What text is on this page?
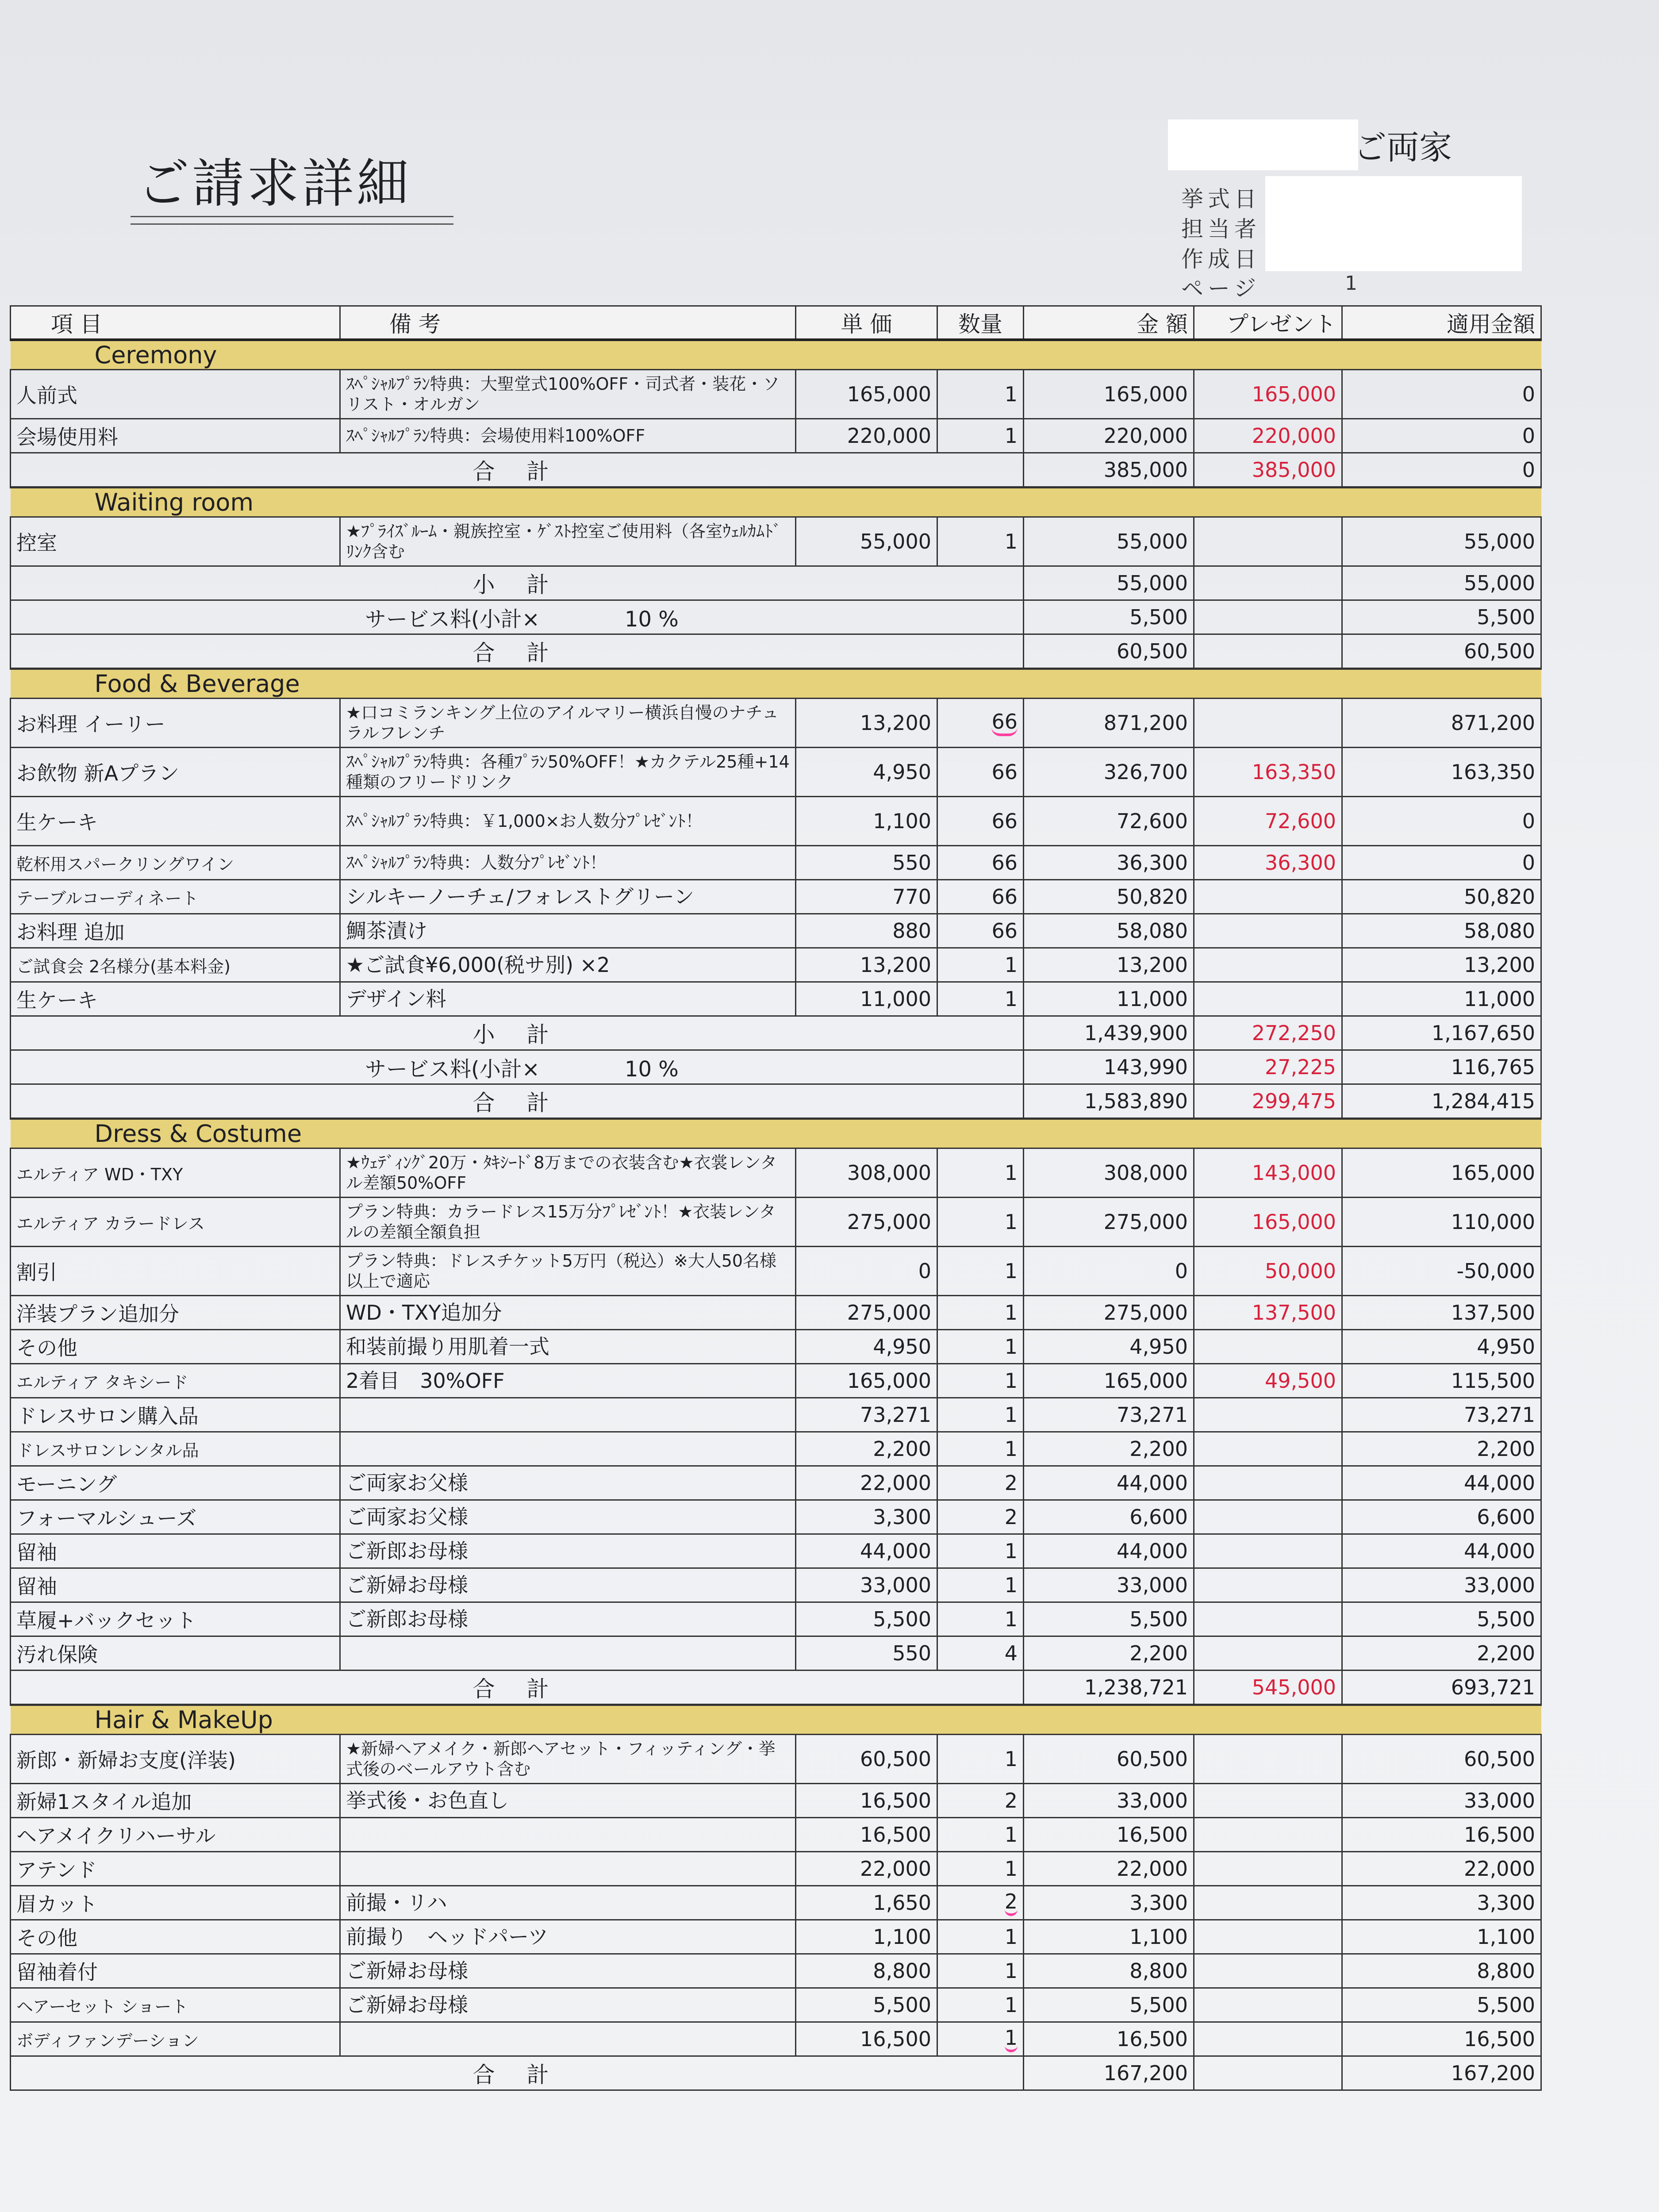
ご請求詳細
ご両家
挙式日
担当者
作成日
ページ	1
項 目	備 考	単 価	数量	金 額	プレゼント	適用金額
Ceremony						
人前式	ｽﾍﾟｼｬﾙﾌﾟﾗﾝ特典：大聖堂式100%OFF・司式者・装花・ソリスト・オルガン	165,000	1	165,000	165,000	0
会場使用料	ｽﾍﾟｼｬﾙﾌﾟﾗﾝ特典：会場使用料100%OFF	220,000	1	220,000	220,000	0
合 計				385,000	385,000	0
Waiting room						
控室	★ﾌﾟﾗｲｽﾞﾙｰﾑ・親族控室・ｹﾞｽﾄ控室ご使用料（各室ｳｪﾙｶﾑﾄﾞﾘﾝｸ含む	55,000	1	55,000		55,000
小 計				55,000		55,000
サービス料(小計×　　　　10 %				5,500		5,500
合 計				60,500		60,500
Food & Beverage						
お料理 イーリー	★口コミランキング上位のアイルマリー横浜自慢のナチュラルフレンチ	13,200	66	871,200		871,200
お飲物 新Aプラン	ｽﾍﾟｼｬﾙﾌﾟﾗﾝ特典：各種ﾌﾟﾗﾝ50%OFF！★カクテル25種+14種類のフリードリンク	4,950	66	326,700	163,350	163,350
生ケーキ	ｽﾍﾟｼｬﾙﾌﾟﾗﾝ特典：￥1,000×お人数分ﾌﾟﾚｾﾞﾝﾄ！	1,100	66	72,600	72,600	0
乾杯用スパークリングワイン	ｽﾍﾟｼｬﾙﾌﾟﾗﾝ特典：人数分ﾌﾟﾚｾﾞﾝﾄ！	550	66	36,300	36,300	0
テーブルコーディネート	シルキーノーチェ/フォレストグリーン	770	66	50,820		50,820
お料理 追加	鯛茶漬け	880	66	58,080		58,080
ご試食会 2名様分(基本料金)	★ご試食¥6,000(税サ別) ×2	13,200	1	13,200		13,200
生ケーキ	デザイン料	11,000	1	11,000		11,000
小 計				1,439,900	272,250	1,167,650
サービス料(小計×　　　　10 %				143,990	27,225	116,765
合 計				1,583,890	299,475	1,284,415
Dress & Costume						
エルティア WD・TXY	★ｳｪﾃﾞｨﾝｸﾞ20万・ﾀｷｼｰﾄﾞ8万までの衣装含む★衣裳レンタル差額50%OFF	308,000	1	308,000	143,000	165,000
エルティア カラードレス	プラン特典：カラードレス15万分ﾌﾟﾚｾﾞﾝﾄ！★衣装レンタルの差額全額負担	275,000	1	275,000	165,000	110,000
割引	プラン特典：ドレスチケット5万円（税込）※大人50名様以上で適応	0	1	0	50,000	-50,000
洋装プラン追加分	WD・TXY追加分	275,000	1	275,000	137,500	137,500
その他	和装前撮り用肌着一式	4,950	1	4,950		4,950
エルティア タキシード	2着目　30%OFF	165,000	1	165,000	49,500	115,500
ドレスサロン購入品		73,271	1	73,271		73,271
ドレスサロンレンタル品		2,200	1	2,200		2,200
モーニング	ご両家お父様	22,000	2	44,000		44,000
フォーマルシューズ	ご両家お父様	3,300	2	6,600		6,600
留袖	ご新郎お母様	44,000	1	44,000		44,000
留袖	ご新婦お母様	33,000	1	33,000		33,000
草履+バックセット	ご新郎お母様	5,500	1	5,500		5,500
汚れ保険		550	4	2,200		2,200
合 計				1,238,721	545,000	693,721
Hair & MakeUp						
新郎・新婦お支度(洋装)	★新婦ヘアメイク・新郎ヘアセット・フィッティング・挙式後のベールアウト含む	60,500	1	60,500		60,500
新婦1スタイル追加	挙式後・お色直し	16,500	2	33,000		33,000
ヘアメイクリハーサル		16,500	1	16,500		16,500
アテンド		22,000	1	22,000		22,000
眉カット	前撮・リハ	1,650	2	3,300		3,300
その他	前撮り　ヘッドパーツ	1,100	1	1,100		1,100
留袖着付	ご新婦お母様	8,800	1	8,800		8,800
ヘアーセット ショート	ご新婦お母様	5,500	1	5,500		5,500
ボディファンデーション		16,500	1	16,500		16,500
合 計				167,200		167,200
